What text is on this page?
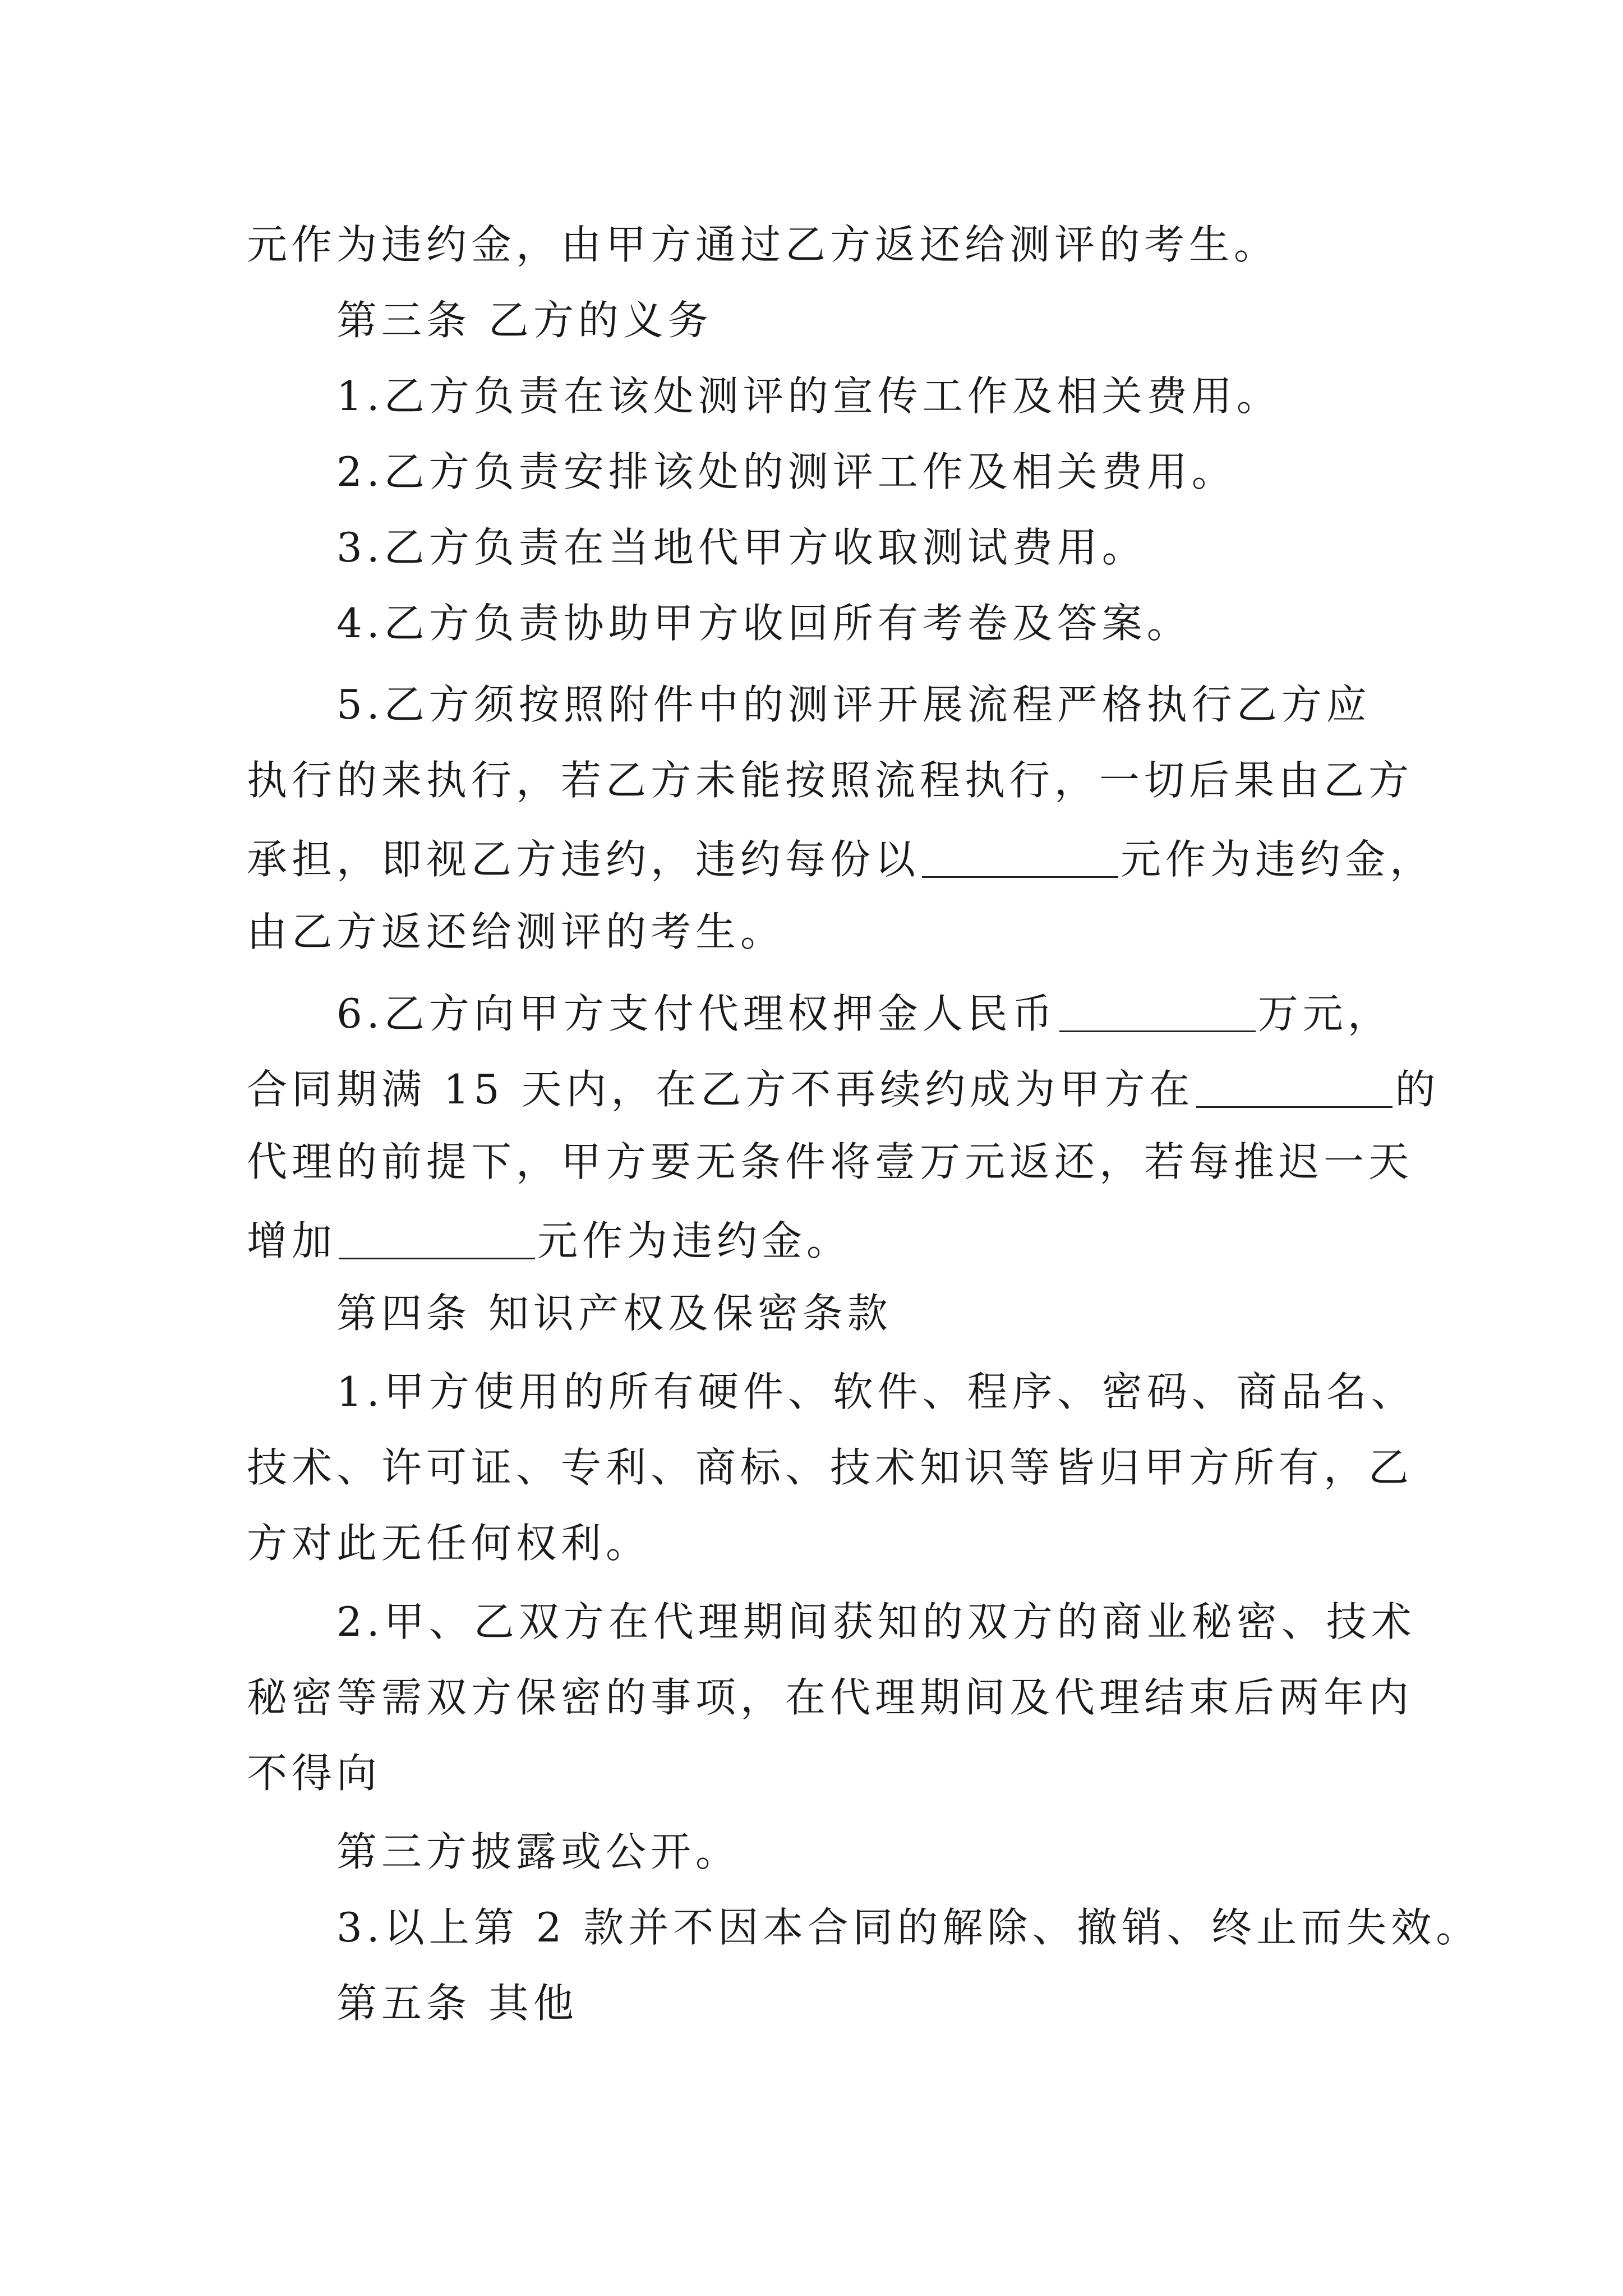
元作为违约金，由甲方通过乙方返还给测评的考生。
第三条 乙方的义务
1.乙方负责在该处测评的宣传工作及相关费用。
2.乙方负责安排该处的测评工作及相关费用。
3.乙方负责在当地代甲方收取测试费用。
4.乙方负责协助甲方收回所有考卷及答案。
5.乙方须按照附件中的测评开展流程严格执行乙方应
执行的来执行，若乙方未能按照流程执行，一切后果由乙方
承担，即视乙方违约，违约每份以	元作为违约金，
由乙方返还给测评的考生。
6.乙方向甲方支付代理权押金人民币	万元，
合同期满 15 天内，在乙方不再续约成为甲方在	的
代理的前提下，甲方要无条件将壹万元返还，若每推迟一天
增加	元作为违约金。
第四条 知识产权及保密条款
1.甲方使用的所有硬件、软件、程序、密码、商品名、
技术、许可证、专利、商标、技术知识等皆归甲方所有，乙
方对此无任何权利。
2.甲、乙双方在代理期间获知的双方的商业秘密、技术
秘密等需双方保密的事项，在代理期间及代理结束后两年内
不得向
第三方披露或公开。
3.以上第 2 款并不因本合同的解除、撤销、终止而失效。
第五条 其他
